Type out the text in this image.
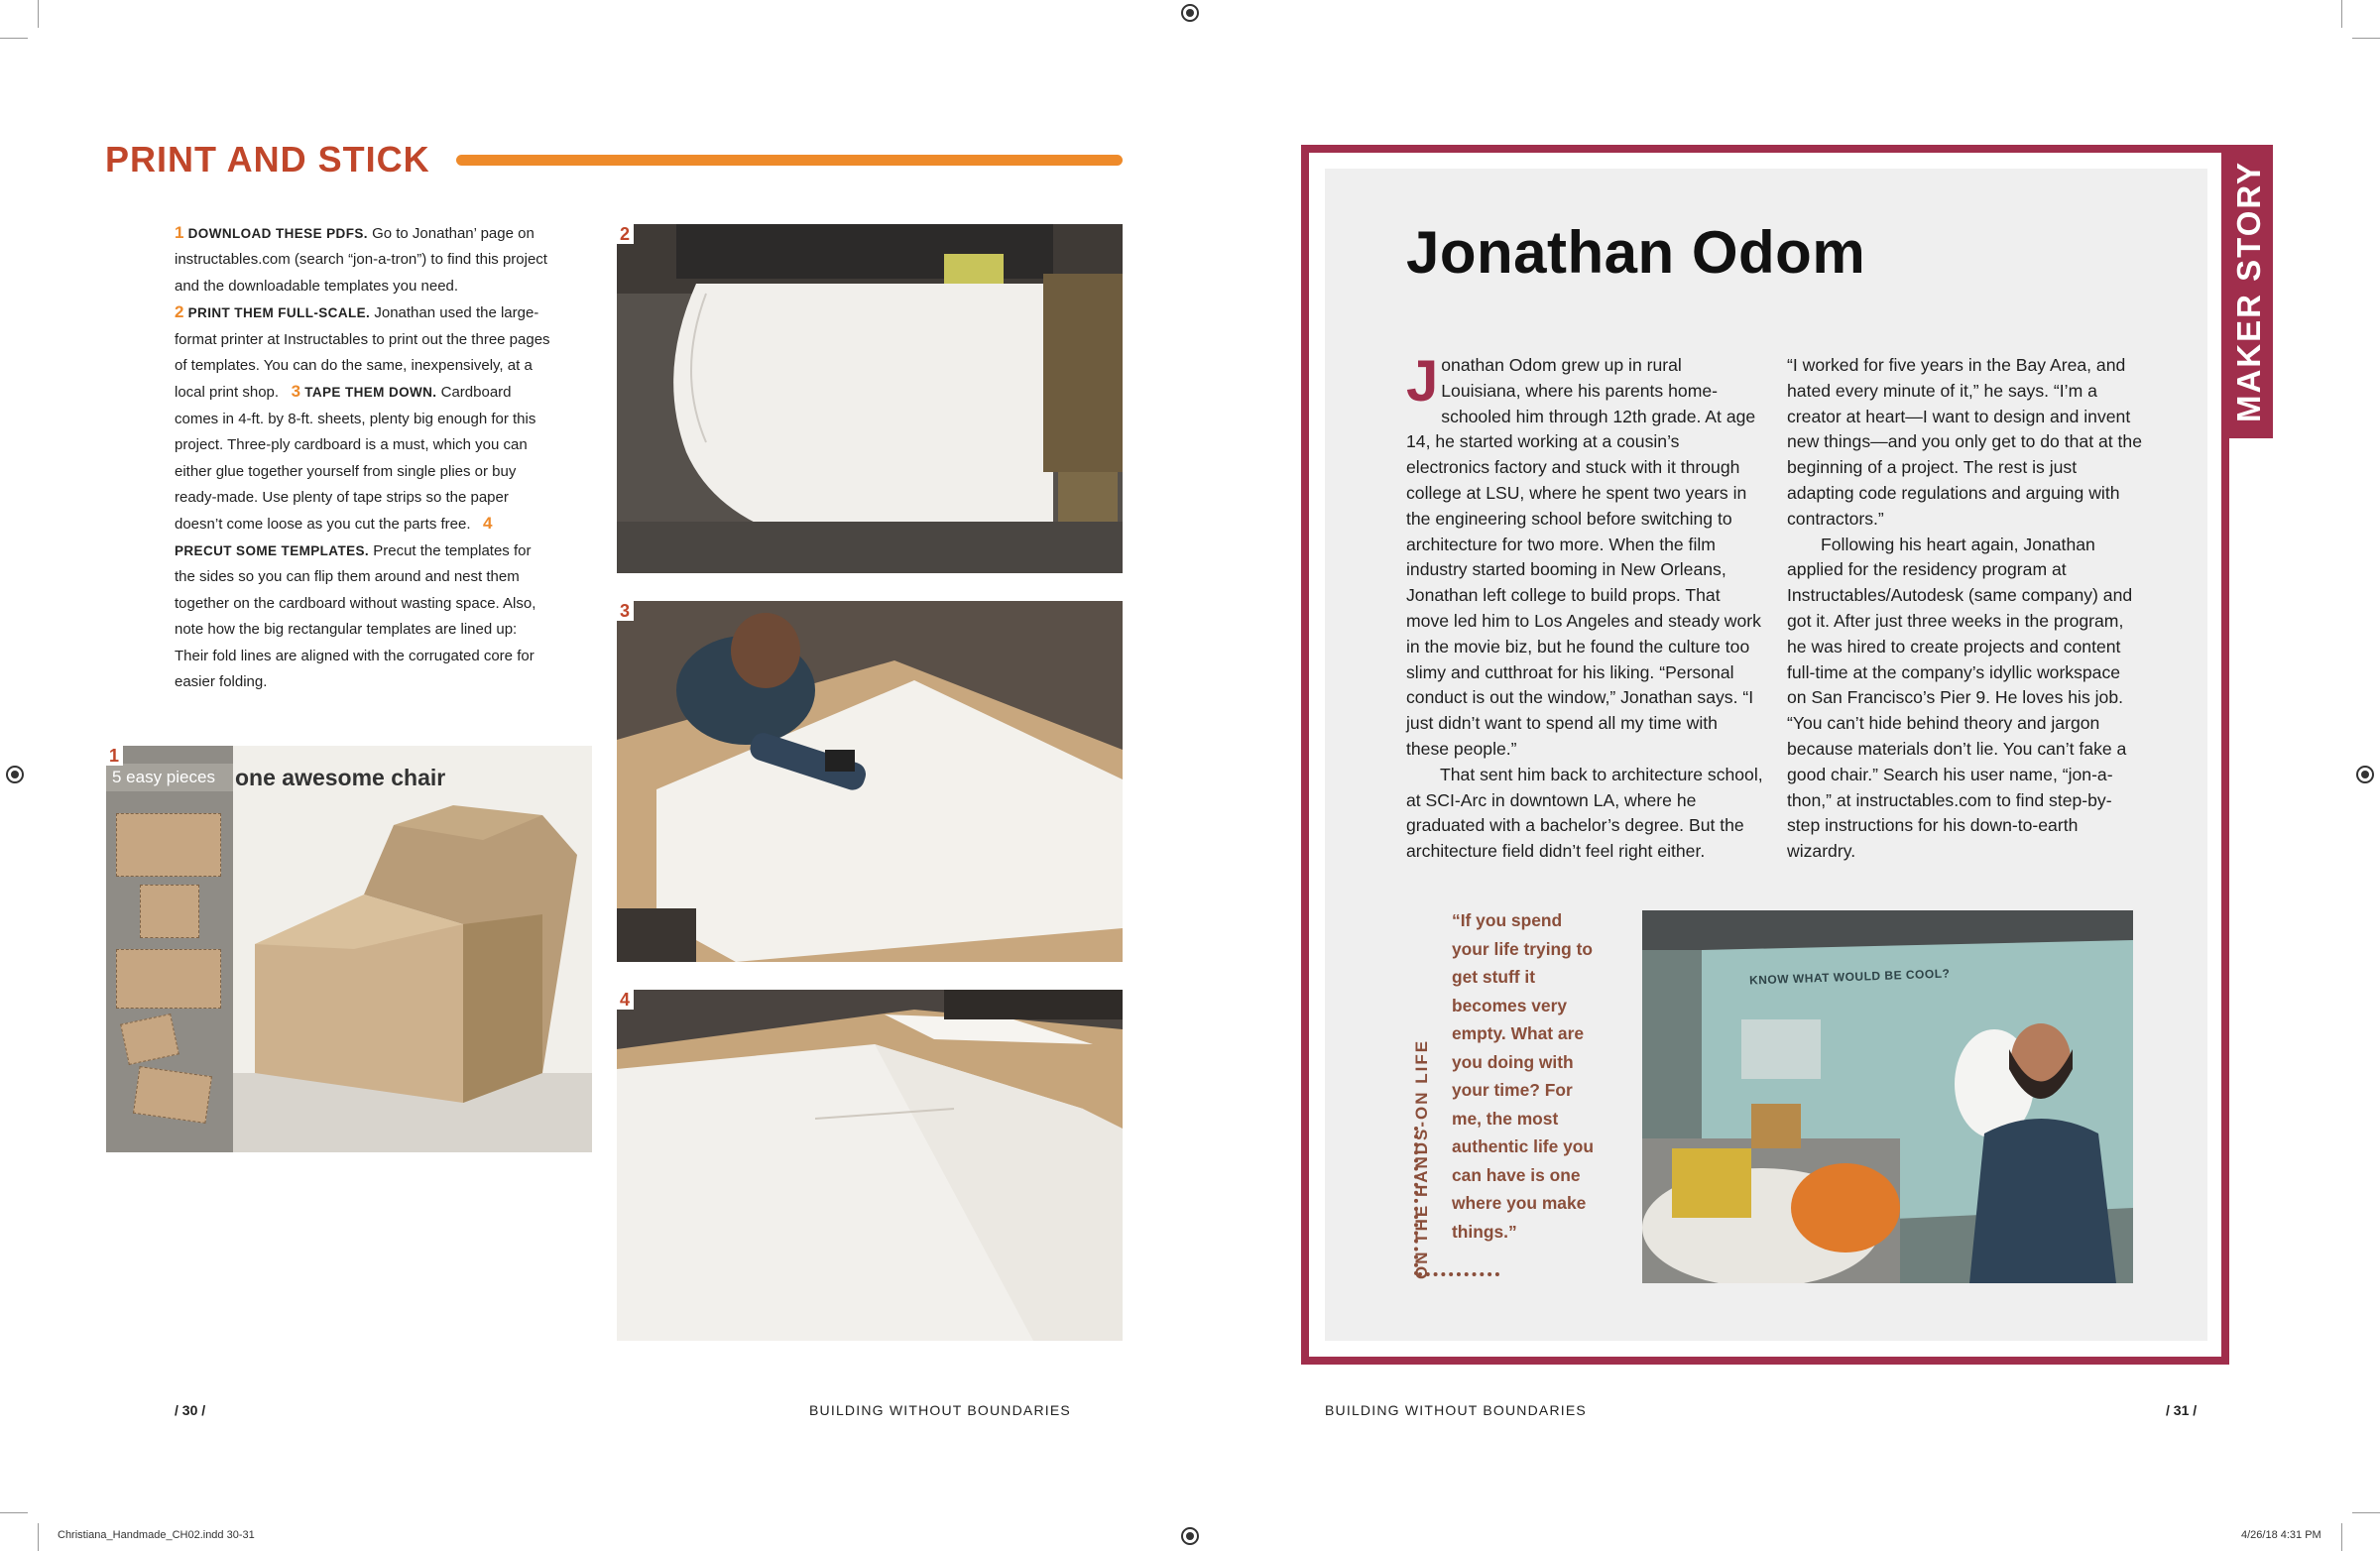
PRINT AND STICK
1 DOWNLOAD THESE PDFS. Go to Jonathan’ page on instructables.com (search “jon-a-tron”) to find this project and the downloadable templates you need.
2 PRINT THEM FULL-SCALE. Jonathan used the large-format printer at Instructables to print out the three pages of templates. You can do the same, inexpensively, at a local print shop. 3 TAPE THEM DOWN. Cardboard comes in 4-ft. by 8-ft. sheets, plenty big enough for this project. Three-ply cardboard is a must, which you can either glue together yourself from single plies or buy ready-made. Use plenty of tape strips so the paper doesn’t come loose as you cut the parts free. 4 PRECUT SOME TEMPLATES. Precut the templates for the sides so you can flip them around and nest them together on the cardboard without wasting space. Also, note how the big rectangular templates are lined up: Their fold lines are aligned with the corrugated core for easier folding.
5 easy pieces one awesome chair
1
2
3
4
/ 30 /	BUILDING WITHOUT BOUNDARIES
MAKER STORY
Jonathan Odom

Jonathan Odom grew up in rural Louisiana, where his parents home-schooled him through 12th grade. At age 14, he started working at a cousin’s electronics factory and stuck with it through college at LSU, where he spent two years in the engineering school before switching to architecture for two more. When the film industry started booming in New Orleans, Jonathan left college to build props. That move led him to Los Angeles and steady work in the movie biz, but he found the culture too slimy and cutthroat for his liking. “Personal conduct is out the window,” Jonathan says. “I just didn’t want to spend all my time with these people.”

That sent him back to architecture school, at SCI-Arc in downtown LA, where he graduated with a bachelor’s degree. But the architecture field didn’t feel right either.

“I worked for five years in the Bay Area, and hated every minute of it,” he says. “I’m a creator at heart—I want to design and invent new things—and you only get to do that at the beginning of a project. The rest is just adapting code regulations and arguing with contractors.”

Following his heart again, Jonathan applied for the residency program at Instructables/Autodesk (same company) and got it. After just three weeks in the program, he was hired to create projects and content full-time at the company’s idyllic workspace on San Francisco’s Pier 9. He loves his job. “You can’t hide behind theory and jargon because materials don’t lie. You can’t fake a good chair.” Search his user name, “jon-a-thon,” at instructables.com to find step-by-step instructions for his down-to-earth wizardry.

ON THE HANDS-ON LIFE
“If you spend your life trying to get stuff it becomes very empty. What are you doing with your time? For me, the most authentic life you can have is one where you make things.”
KNOW WHAT WOULD BE COOL?
BUILDING WITHOUT BOUNDARIES	/ 31 /
Christiana_Handmade_CH02.indd 30-31	4/26/18 4:31 PM
